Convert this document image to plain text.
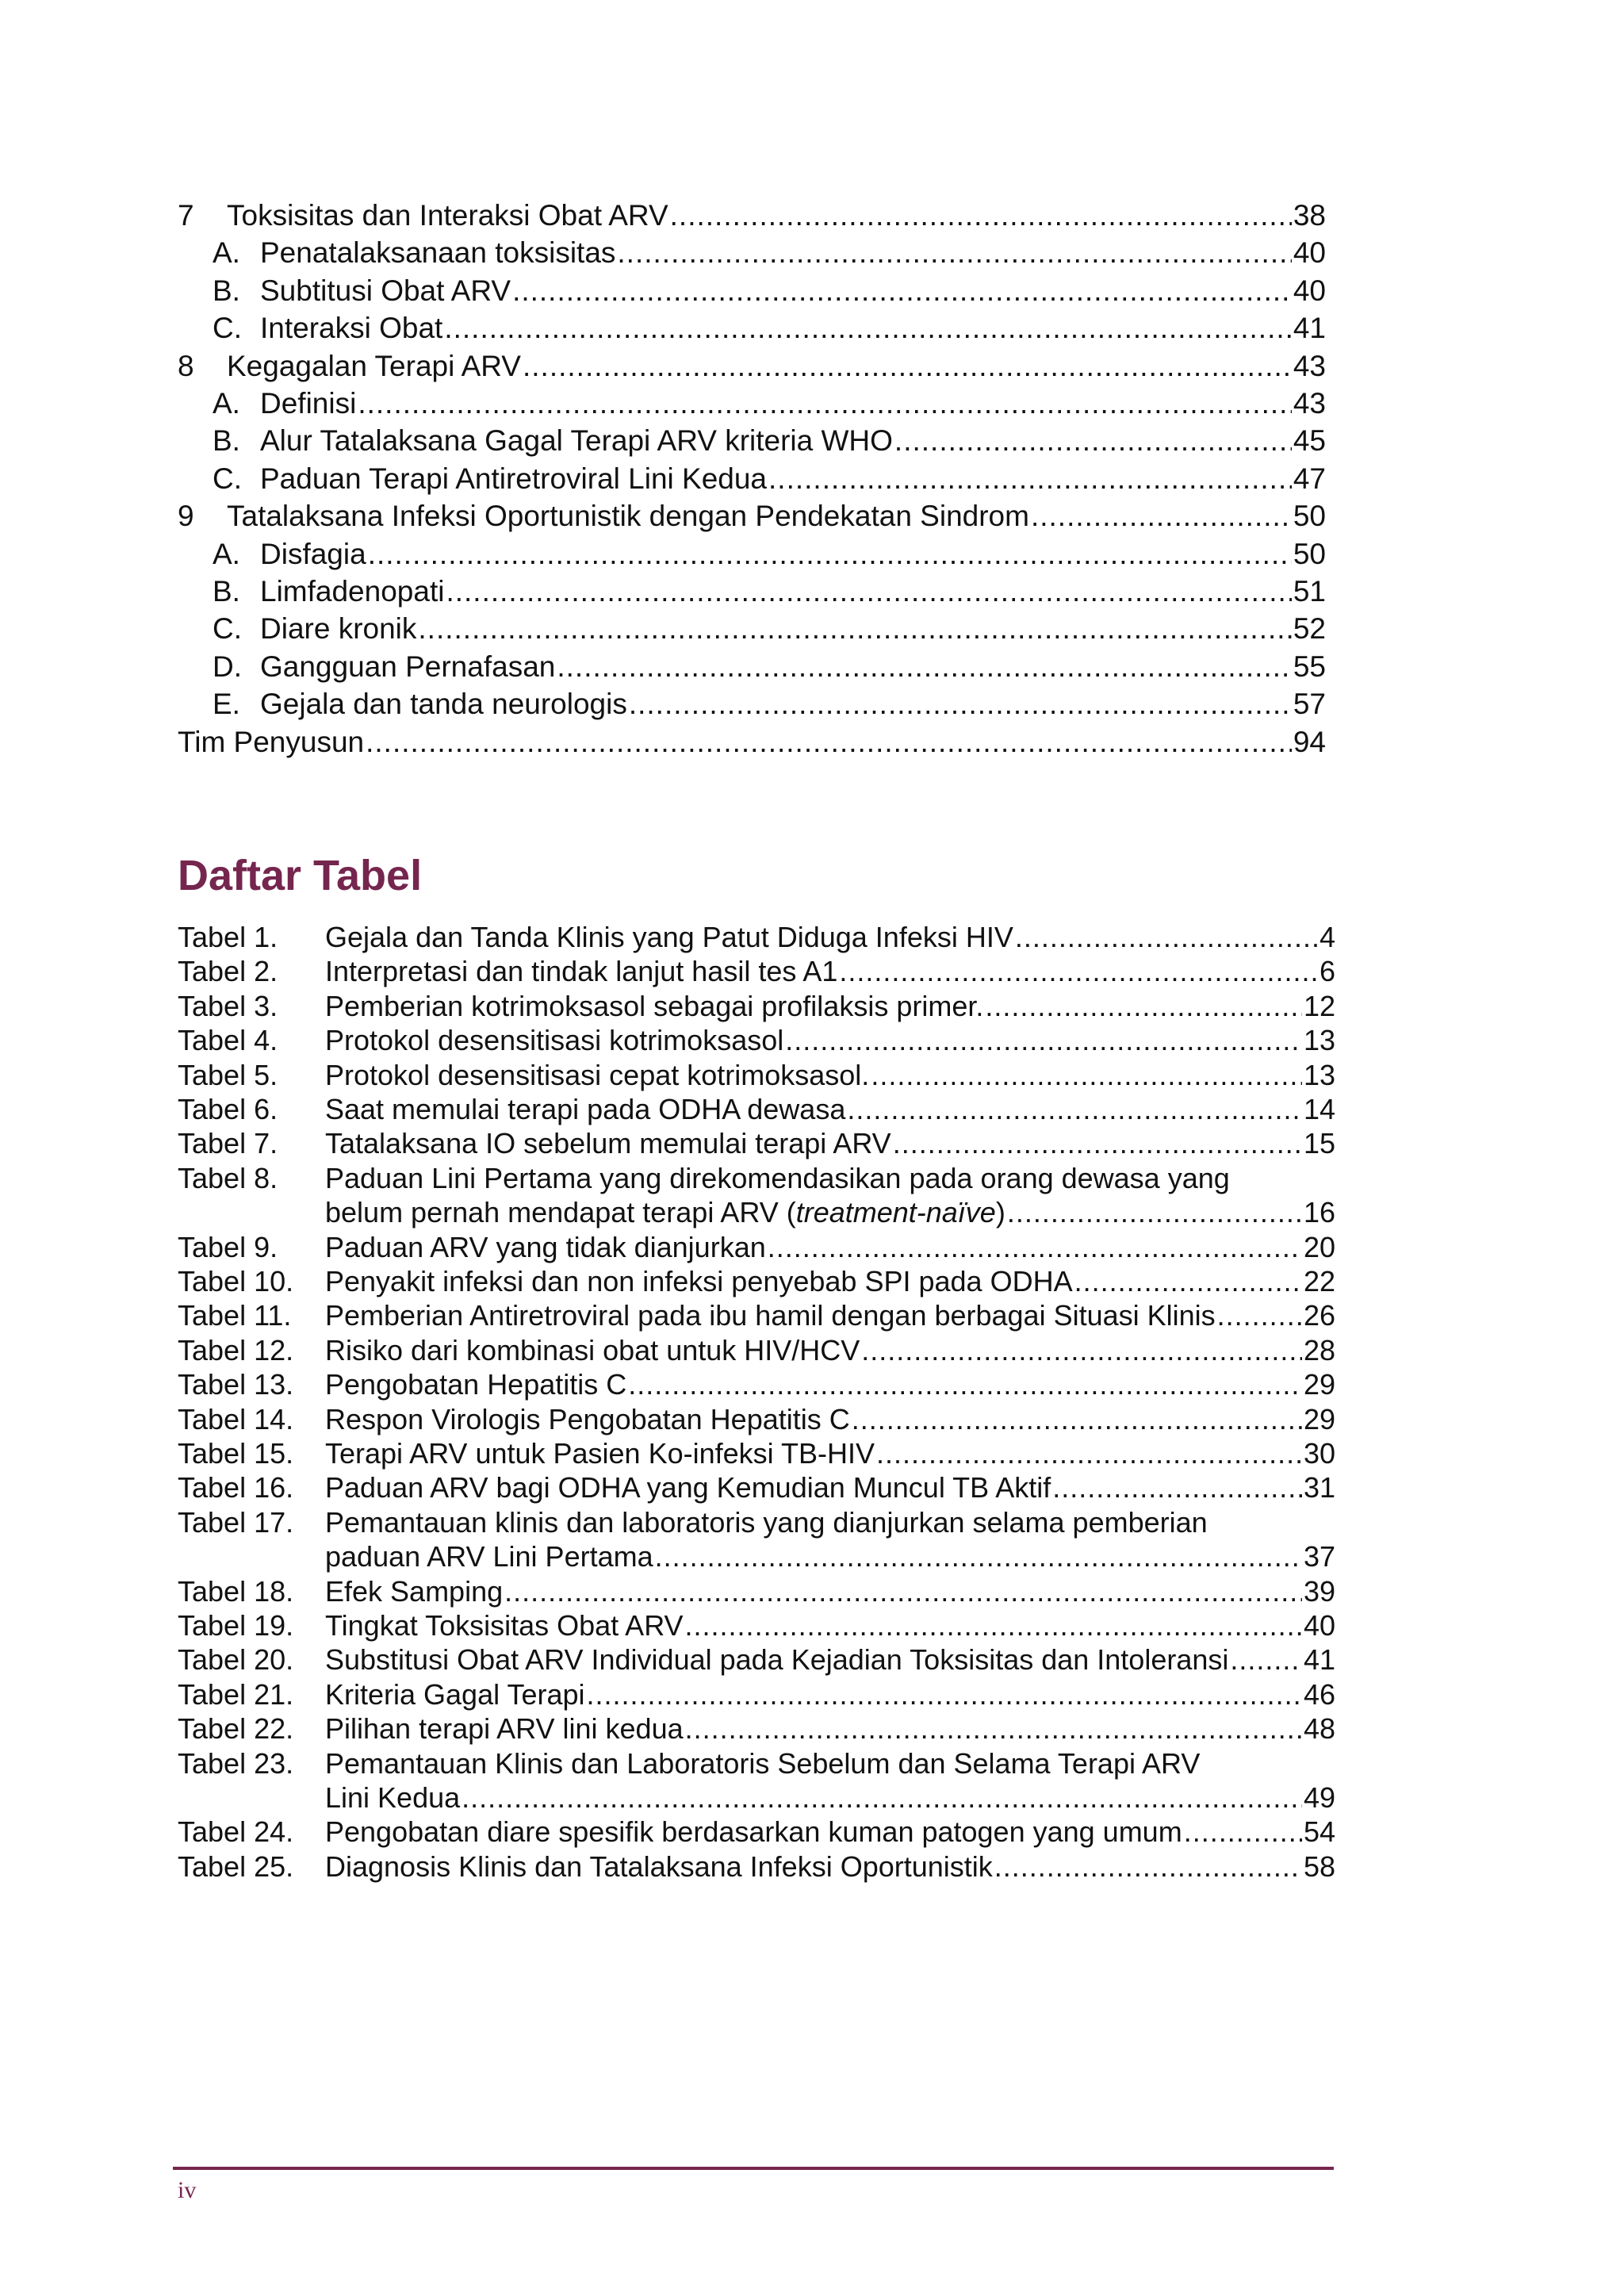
7	Toksisitas dan Interaksi Obat ARV .....	38
A. Penatalaksanaan toksisitas .....	40
B. Subtitusi Obat ARV .....	40
C. Interaksi Obat .....	41
8	Kegagalan Terapi ARV .....	43
A. Definisi .....	43
B. Alur Tatalaksana Gagal Terapi ARV kriteria WHO .....	45
C. Paduan Terapi Antiretroviral Lini Kedua .....	47
9	Tatalaksana Infeksi Oportunistik dengan Pendekatan Sindrom .....	50
A. Disfagia .....	50
B. Limfadenopati .....	51
C. Diare kronik .....	52
D. Gangguan Pernafasan .....	55
E. Gejala dan tanda neurologis .....	57
Tim Penyusun .....	94
Daftar Tabel
Tabel 1.	Gejala dan Tanda Klinis yang Patut Diduga Infeksi HIV .....	4
Tabel 2.	Interpretasi dan tindak lanjut hasil tes A1 .....	6
Tabel 3.	Pemberian kotrimoksasol sebagai profilaksis primer. .....	12
Tabel 4.	Protokol desensitisasi kotrimoksasol .....	13
Tabel 5.	Protokol desensitisasi cepat kotrimoksasol. .....	13
Tabel 6.	Saat memulai terapi pada ODHA dewasa .....	14
Tabel 7.	Tatalaksana IO sebelum memulai terapi ARV .....	15
Tabel 8.	Paduan Lini Pertama yang direkomendasikan pada orang dewasa yang
belum pernah mendapat terapi ARV (treatment-naïve) .....	16
Tabel 9.	Paduan ARV yang tidak dianjurkan .....	20
Tabel 10.	Penyakit infeksi dan non infeksi penyebab SPI pada ODHA .....	22
Tabel 11.	Pemberian Antiretroviral pada ibu hamil dengan berbagai Situasi Klinis .....	26
Tabel 12.	Risiko dari kombinasi obat untuk HIV/HCV .....	28
Tabel 13.	Pengobatan Hepatitis C .....	29
Tabel 14.	Respon Virologis Pengobatan Hepatitis C .....	29
Tabel 15.	Terapi ARV untuk Pasien Ko-infeksi TB-HIV .....	30
Tabel 16.	Paduan ARV bagi ODHA yang Kemudian Muncul TB Aktif .....	31
Tabel 17.	Pemantauan klinis dan laboratoris yang dianjurkan selama pemberian
paduan ARV Lini Pertama .....	37
Tabel 18.	Efek Samping .....	39
Tabel 19.	Tingkat Toksisitas Obat ARV .....	40
Tabel 20.	Substitusi Obat ARV Individual pada Kejadian Toksisitas dan Intoleransi .....	41
Tabel 21.	Kriteria Gagal Terapi .....	46
Tabel 22.	Pilihan terapi ARV lini kedua .....	48
Tabel 23.	Pemantauan Klinis dan Laboratoris Sebelum dan Selama Terapi ARV
Lini Kedua .....	49
Tabel 24.	Pengobatan diare spesifik berdasarkan kuman patogen yang umum .....	54
Tabel 25.	Diagnosis Klinis dan Tatalaksana Infeksi Oportunistik .....	58
iv
